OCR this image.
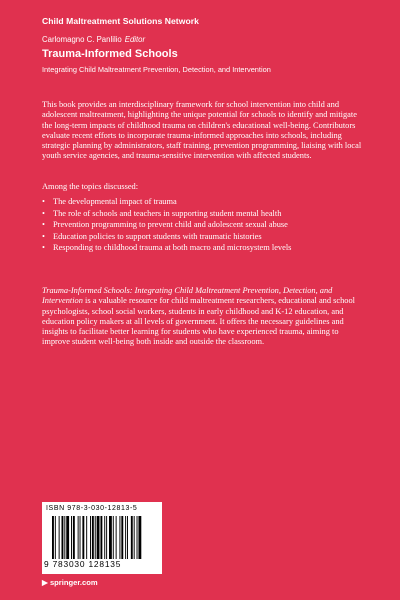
Child Maltreatment Solutions Network
Carlomagno C. Panlilio Editor
Trauma-Informed Schools
Integrating Child Maltreatment Prevention, Detection, and Intervention
This book provides an interdisciplinary framework for school intervention into child and adolescent maltreatment, highlighting the unique potential for schools to identify and mitigate the long-term impacts of childhood trauma on children's educational well-being. Contributors evaluate recent efforts to incorporate trauma-informed approaches into schools, including strategic planning by administrators, staff training, prevention programming, liaising with local youth service agencies, and trauma-sensitive intervention with affected students.
Among the topics discussed:
• The developmental impact of trauma
• The role of schools and teachers in supporting student mental health
• Prevention programming to prevent child and adolescent sexual abuse
• Education policies to support students with traumatic histories
• Responding to childhood trauma at both macro and microsystem levels
Trauma-Informed Schools: Integrating Child Maltreatment Prevention, Detection, and Intervention is a valuable resource for child maltreatment researchers, educational and school psychologists, school social workers, students in early childhood and K-12 education, and education policy makers at all levels of government. It offers the necessary guidelines and insights to facilitate better learning for students who have experienced trauma, aiming to improve student well-being both inside and outside the classroom.
ISBN 978-3-030-12813-5
9 783030 128135
▶ springer.com
